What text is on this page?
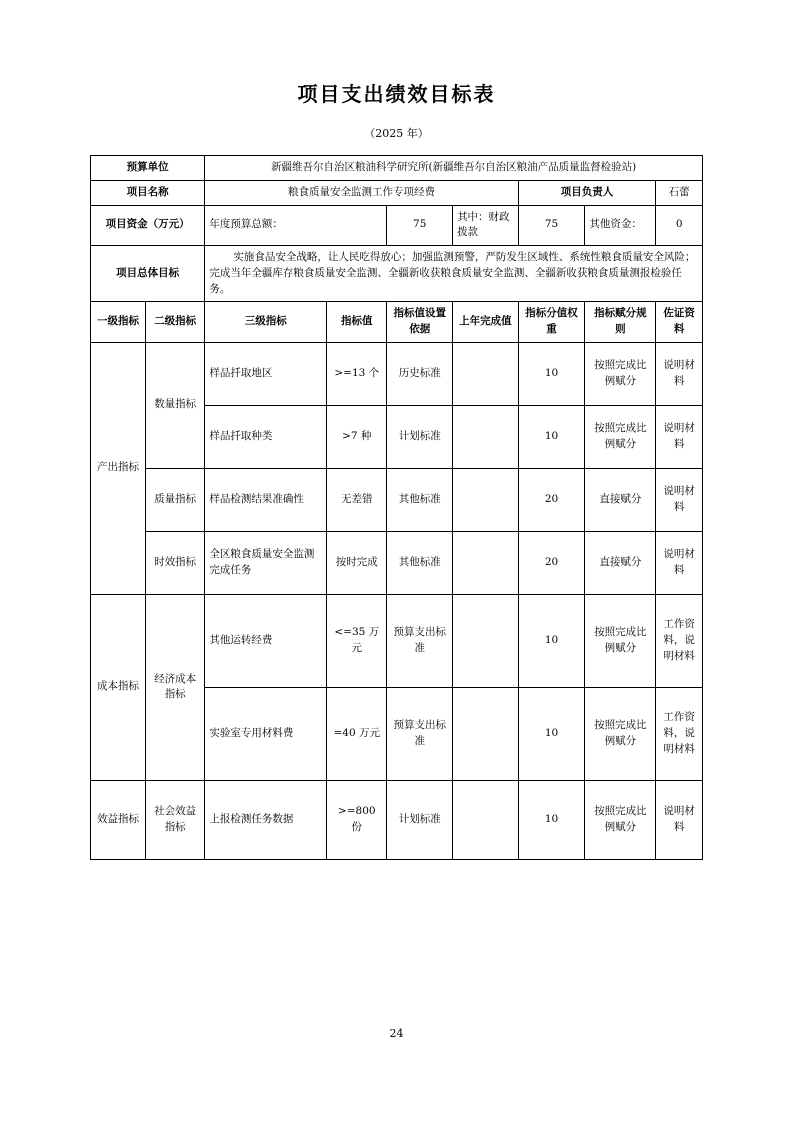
项目支出绩效目标表
（2025 年）
预算单位		新疆维吾尔自治区粮油科学研究所(新疆维吾尔自治区粮油产品质量监督检验站)						
项目名称		粮食质量安全监测工作专项经费				项目负责人		石蕾
项目资金（万元）		年度预算总额：		75	其中：财政拨款	75	其他资金：	0
项目总体目标		实施食品安全战略，让人民吃得放心；加强监测预警，严防发生区域性、系统性粮食质量安全风险；完成当年全疆库存粮食质量安全监测、全疆新收获粮食质量安全监测、全疆新收获粮食质量测报检验任务。						

一级指标	二级指标	三级指标	指标值	指标值设置依据	上年完成值	指标分值权重	指标赋分规则	佐证资料
产出指标	数量指标	样品扦取地区	>=13 个	历史标准		10	按照完成比例赋分	说明材料
		样品扦取种类	>7 种	计划标准		10	按照完成比例赋分	说明材料
	质量指标	样品检测结果准确性	无差错	其他标准		20	直接赋分	说明材料
	时效指标	全区粮食质量安全监测完成任务	按时完成	其他标准		20	直接赋分	说明材料
成本指标	经济成本指标	其他运转经费	<=35 万元	预算支出标准		10	按照完成比例赋分	工作资料，说明材料
		实验室专用材料费	=40 万元	预算支出标准		10	按照完成比例赋分	工作资料，说明材料
效益指标	社会效益指标	上报检测任务数据	>=800 份	计划标准		10	按照完成比例赋分	说明材料
24
